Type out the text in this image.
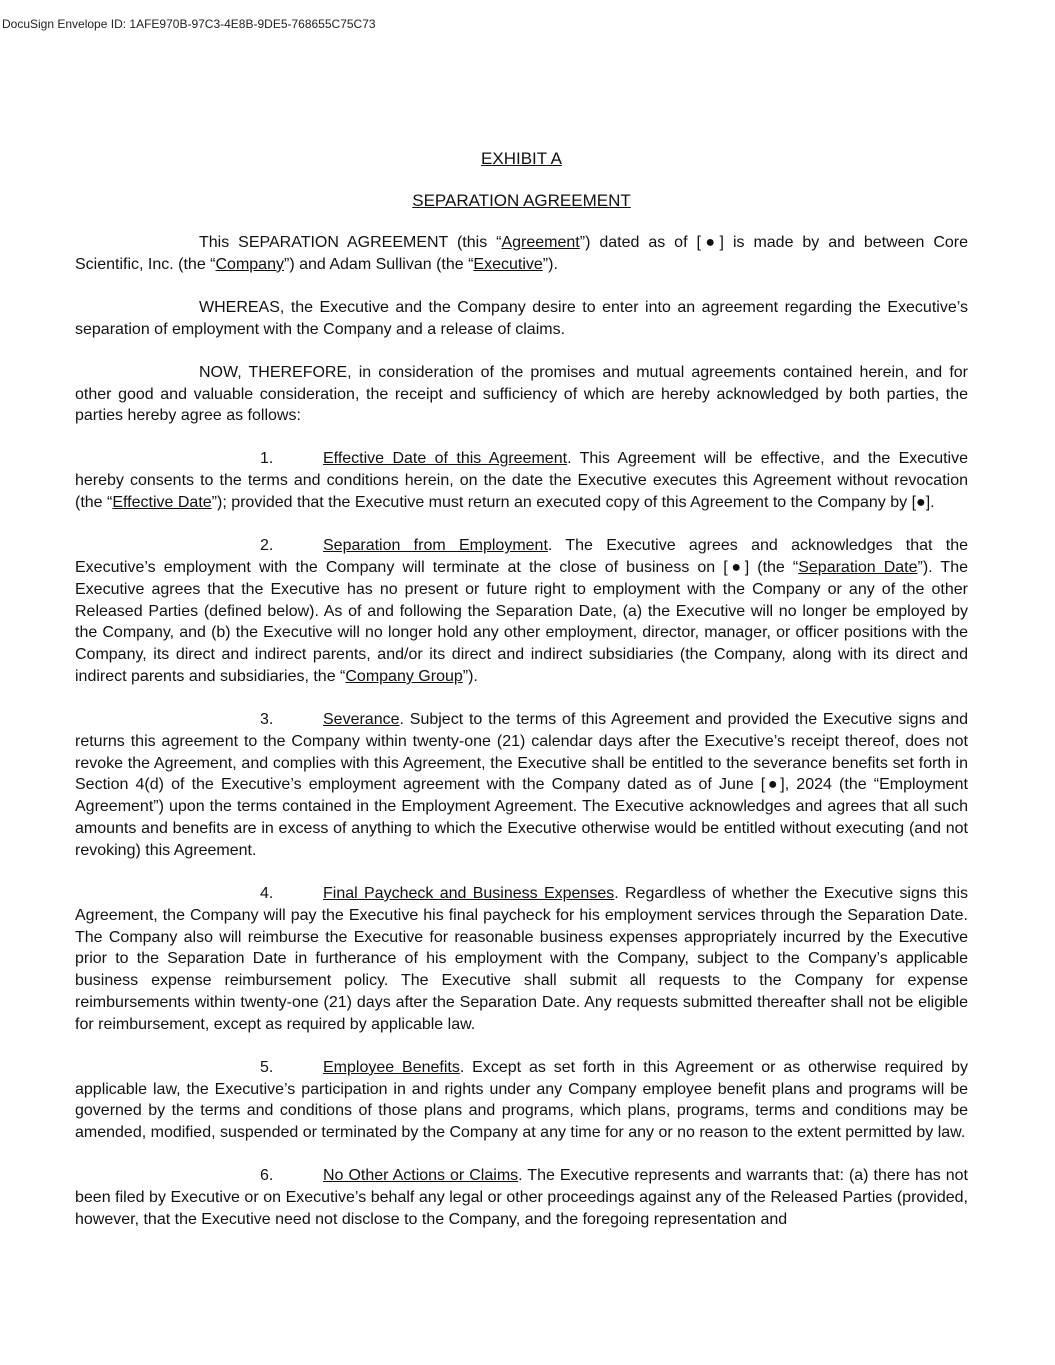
DocuSign Envelope ID: 1AFE970B-97C3-4E8B-9DE5-768655C75C73
EXHIBIT A
SEPARATION AGREEMENT

This SEPARATION AGREEMENT (this “Agreement”) dated as of [●] is made by and between Core Scientific, Inc. (the “Company”) and Adam Sullivan (the “Executive”).

WHEREAS, the Executive and the Company desire to enter into an agreement regarding the Executive’s separation of employment with the Company and a release of claims.

NOW, THEREFORE, in consideration of the promises and mutual agreements contained herein, and for other good and valuable consideration, the receipt and sufficiency of which are hereby acknowledged by both parties, the parties hereby agree as follows:

1.	Effective Date of this Agreement. This Agreement will be effective, and the Executive hereby consents to the terms and conditions herein, on the date the Executive executes this Agreement without revocation (the “Effective Date”); provided that the Executive must return an executed copy of this Agreement to the Company by [●].

2.	Separation from Employment. The Executive agrees and acknowledges that the Executive’s employment with the Company will terminate at the close of business on [●] (the “Separation Date”). The Executive agrees that the Executive has no present or future right to employment with the Company or any of the other Released Parties (defined below). As of and following the Separation Date, (a) the Executive will no longer be employed by the Company, and (b) the Executive will no longer hold any other employment, director, manager, or officer positions with the Company, its direct and indirect parents, and/or its direct and indirect subsidiaries (the Company, along with its direct and indirect parents and subsidiaries, the “Company Group”).

3.	Severance. Subject to the terms of this Agreement and provided the Executive signs and returns this agreement to the Company within twenty-one (21) calendar days after the Executive’s receipt thereof, does not revoke the Agreement, and complies with this Agreement, the Executive shall be entitled to the severance benefits set forth in Section 4(d) of the Executive’s employment agreement with the Company dated as of June [●], 2024 (the “Employment Agreement”) upon the terms contained in the Employment Agreement. The Executive acknowledges and agrees that all such amounts and benefits are in excess of anything to which the Executive otherwise would be entitled without executing (and not revoking) this Agreement.

4.	Final Paycheck and Business Expenses. Regardless of whether the Executive signs this Agreement, the Company will pay the Executive his final paycheck for his employment services through the Separation Date. The Company also will reimburse the Executive for reasonable business expenses appropriately incurred by the Executive prior to the Separation Date in furtherance of his employment with the Company, subject to the Company’s applicable business expense reimbursement policy. The Executive shall submit all requests to the Company for expense reimbursements within twenty-one (21) days after the Separation Date. Any requests submitted thereafter shall not be eligible for reimbursement, except as required by applicable law.

5.	Employee Benefits. Except as set forth in this Agreement or as otherwise required by applicable law, the Executive’s participation in and rights under any Company employee benefit plans and programs will be governed by the terms and conditions of those plans and programs, which plans, programs, terms and conditions may be amended, modified, suspended or terminated by the Company at any time for any or no reason to the extent permitted by law.

6.	No Other Actions or Claims. The Executive represents and warrants that: (a) there has not been filed by Executive or on Executive’s behalf any legal or other proceedings against any of the Released Parties (provided, however, that the Executive need not disclose to the Company, and the foregoing representation and
